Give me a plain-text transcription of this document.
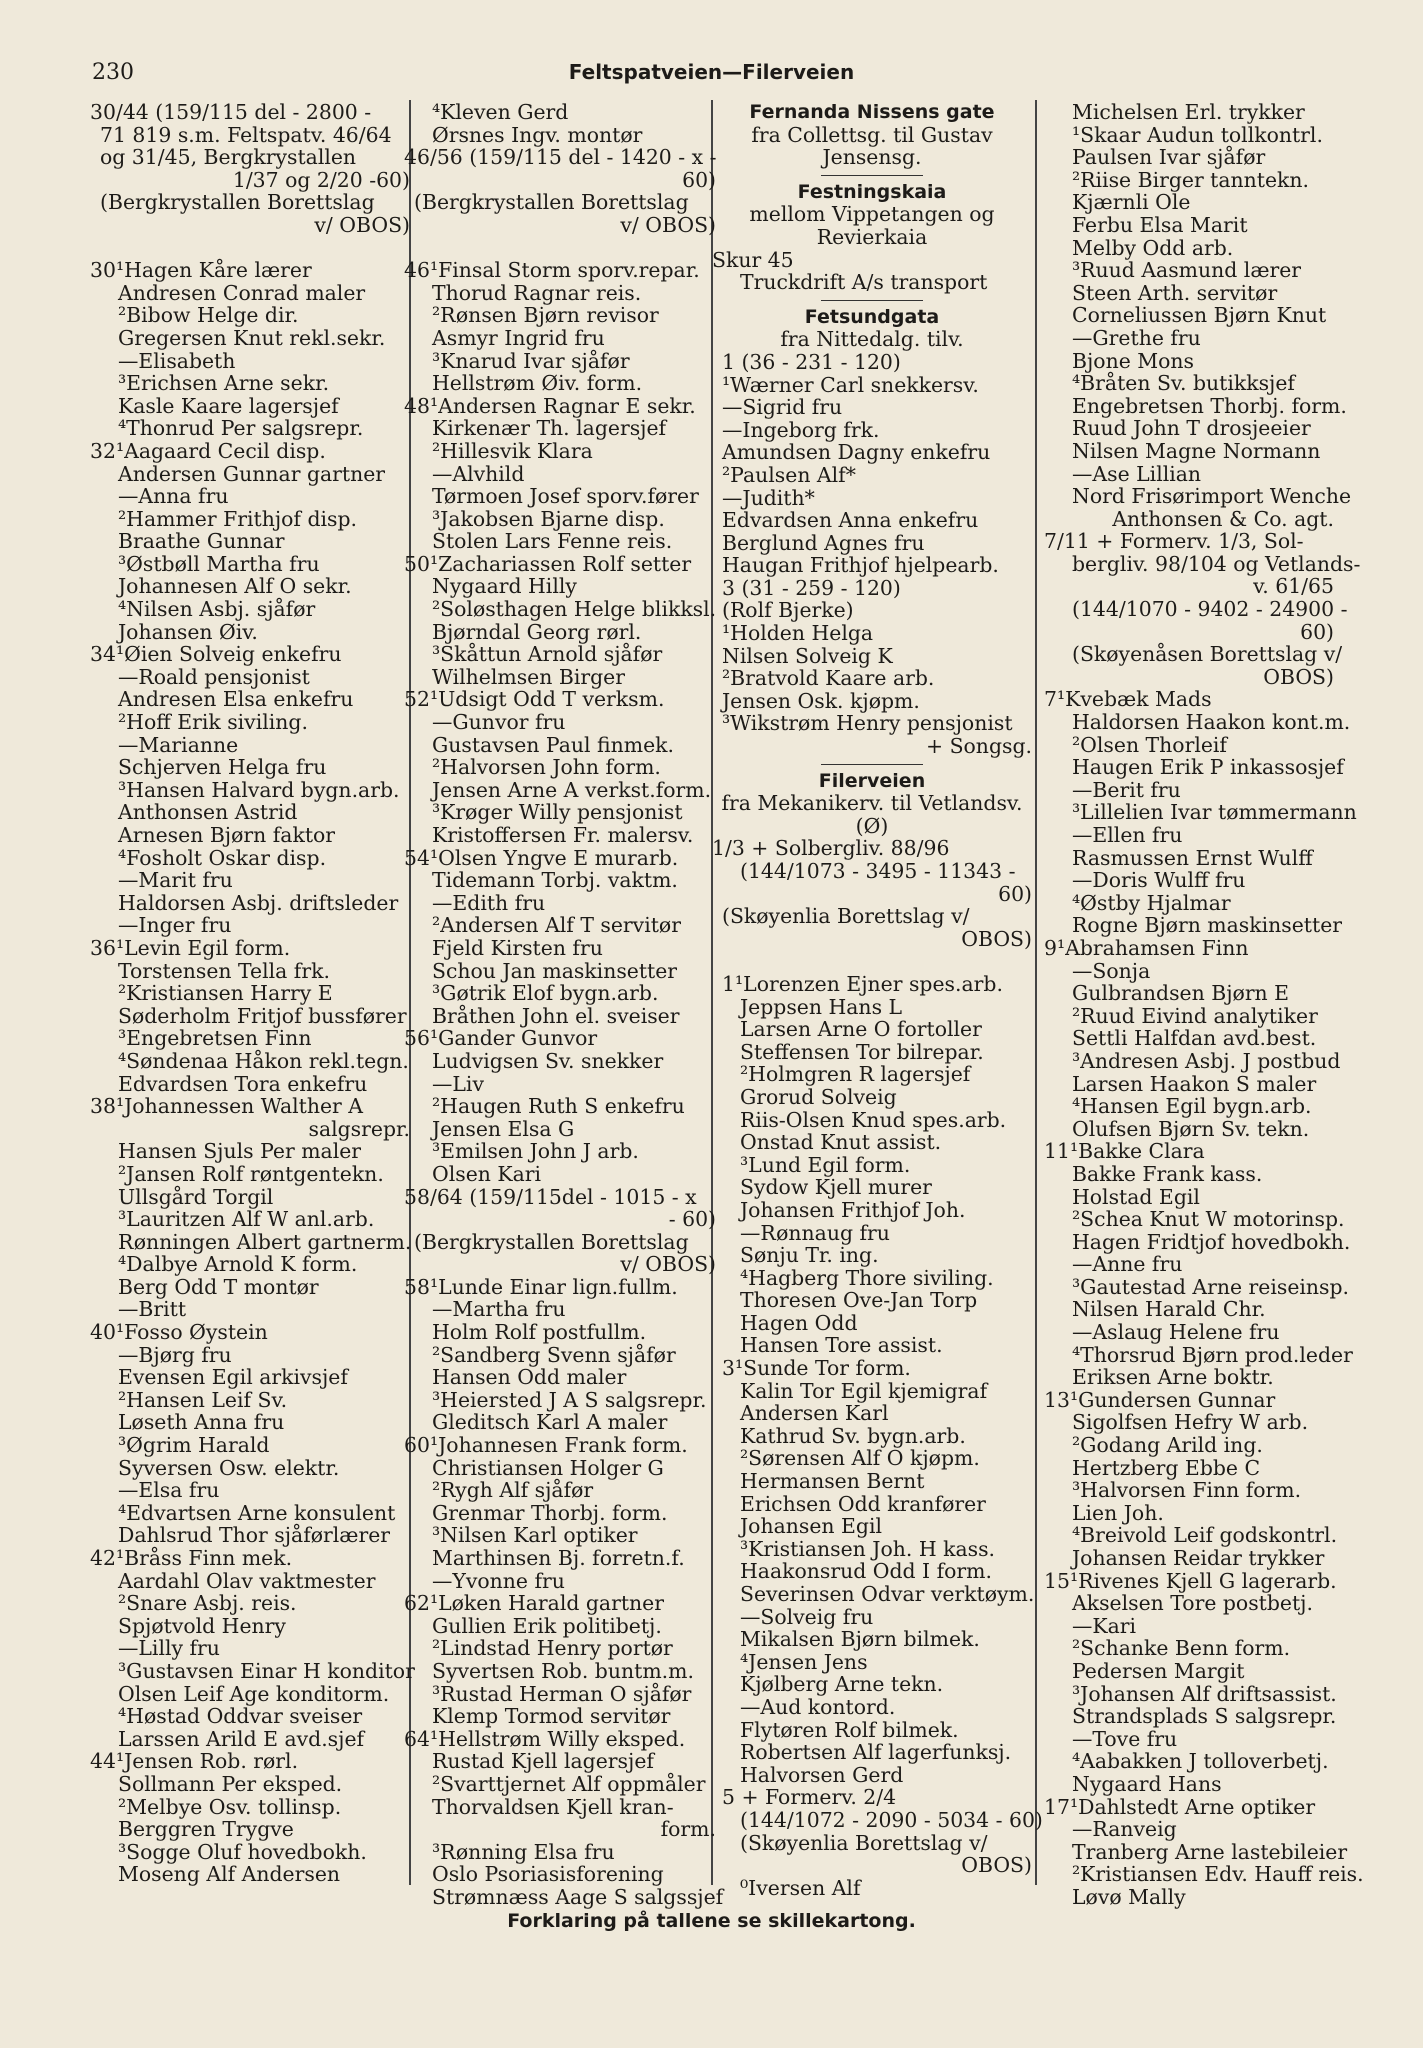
230	Feltspatveien—Filerveien
30/44 (159/115 del - 2800 -
71 819 s.m. Feltspatv. 46/64
og 31/45, Bergkrystallen
1/37 og 2/20 -60)
(Bergkrystallen Borettslag
v/ OBOS)
30¹Hagen Kåre lærer
Andresen Conrad maler
²Bibow Helge dir.
Gregersen Knut rekl.sekr.
—Elisabeth
³Erichsen Arne sekr.
Kasle Kaare lagersjef
⁴Thonrud Per salgsrepr.
32¹Aagaard Cecil disp.
Andersen Gunnar gartner
—Anna fru
²Hammer Frithjof disp.
Braathe Gunnar
³Østbøll Martha fru
Johannesen Alf O sekr.
⁴Nilsen Asbj. sjåfør
Johansen Øiv.
34¹Øien Solveig enkefru
—Roald pensjonist
Andresen Elsa enkefru
²Hoff Erik siviling.
—Marianne
Schjerven Helga fru
³Hansen Halvard bygn.arb.
Anthonsen Astrid
Arnesen Bjørn faktor
⁴Fosholt Oskar disp.
—Marit fru
Haldorsen Asbj. driftsleder
—Inger fru
36¹Levin Egil form.
Torstensen Tella frk.
²Kristiansen Harry E
Søderholm Fritjof bussfører
³Engebretsen Finn
⁴Søndenaa Håkon rekl.tegn.
Edvardsen Tora enkefru
38¹Johannessen Walther A
salgsrepr.
Hansen Sjuls Per maler
²Jansen Rolf røntgentekn.
Ullsgård Torgil
³Lauritzen Alf W anl.arb.
Rønningen Albert gartnerm.
⁴Dalbye Arnold K form.
Berg Odd T montør
—Britt
40¹Fosso Øystein
—Bjørg fru
Evensen Egil arkivsjef
²Hansen Leif Sv.
Løseth Anna fru
³Øgrim Harald
Syversen Osw. elektr.
—Elsa fru
⁴Edvartsen Arne konsulent
Dahlsrud Thor sjåførlærer
42¹Bråss Finn mek.
Aardahl Olav vaktmester
²Snare Asbj. reis.
Spjøtvold Henry
—Lilly fru
³Gustavsen Einar H konditor
Olsen Leif Age konditorm.
⁴Høstad Oddvar sveiser
Larssen Arild E avd.sjef
44¹Jensen Rob. rørl.
Sollmann Per eksped.
²Melbye Osv. tollinsp.
Berggren Trygve
³Sogge Oluf hovedbokh.
Moseng Alf Andersen
⁴Kleven Gerd
Ørsnes Ingv. montør
46/56 (159/115 del - 1420 - x -
60)
(Bergkrystallen Borettslag
v/ OBOS)
46¹Finsal Storm sporv.repar.
Thorud Ragnar reis.
²Rønsen Bjørn revisor
Asmyr Ingrid fru
³Knarud Ivar sjåfør
Hellstrøm Øiv. form.
48¹Andersen Ragnar E sekr.
Kirkenær Th. lagersjef
²Hillesvik Klara
—Alvhild
Tørmoen Josef sporv.fører
³Jakobsen Bjarne disp.
Stolen Lars Fenne reis.
50¹Zachariassen Rolf setter
Nygaard Hilly
²Soløsthagen Helge blikksl.
Bjørndal Georg rørl.
³Skåttun Arnold sjåfør
Wilhelmsen Birger
52¹Udsigt Odd T verksm.
—Gunvor fru
Gustavsen Paul finmek.
²Halvorsen John form.
Jensen Arne A verkst.form.
³Krøger Willy pensjonist
Kristoffersen Fr. malersv.
54¹Olsen Yngve E murarb.
Tidemann Torbj. vaktm.
—Edith fru
²Andersen Alf T servitør
Fjeld Kirsten fru
Schou Jan maskinsetter
³Gøtrik Elof bygn.arb.
Bråthen John el. sveiser
56¹Gander Gunvor
Ludvigsen Sv. snekker
—Liv
²Haugen Ruth S enkefru
Jensen Elsa G
³Emilsen John J arb.
Olsen Kari
58/64 (159/115del - 1015 - x
- 60)
(Bergkrystallen Borettslag
v/ OBOS)
58¹Lunde Einar lign.fullm.
—Martha fru
Holm Rolf postfullm.
²Sandberg Svenn sjåfør
Hansen Odd maler
³Heiersted J A S salgsrepr.
Gleditsch Karl A maler
60¹Johannesen Frank form.
Christiansen Holger G
²Rygh Alf sjåfør
Grenmar Thorbj. form.
³Nilsen Karl optiker
Marthinsen Bj. forretn.f.
—Yvonne fru
62¹Løken Harald gartner
Gullien Erik politibetj.
²Lindstad Henry portør
Syvertsen Rob. buntm.m.
³Rustad Herman O sjåfør
Klemp Tormod servitør
64¹Hellstrøm Willy eksped.
Rustad Kjell lagersjef
²Svarttjernet Alf oppmåler
Thorvaldsen Kjell kran-
form.
³Rønning Elsa fru
Oslo Psoriasisforening
Strømnæss Aage S salgssjef
Fernanda Nissens gate
fra Collettsg. til Gustav
Jensensg.
Festningskaia
mellom Vippetangen og
Revierkaia
Skur 45
Truckdrift A/s transport
Fetsundgata
fra Nittedalg. tilv.
1 (36 - 231 - 120)
¹Wærner Carl snekkersv.
—Sigrid fru
—Ingeborg frk.
Amundsen Dagny enkefru
²Paulsen Alf*
—Judith*
Edvardsen Anna enkefru
Berglund Agnes fru
Haugan Frithjof hjelpearb.
3 (31 - 259 - 120)
(Rolf Bjerke)
¹Holden Helga
Nilsen Solveig K
²Bratvold Kaare arb.
Jensen Osk. kjøpm.
³Wikstrøm Henry pensjonist
+ Songsg.
Filerveien
fra Mekanikerv. til Vetlandsv.
(Ø)
1/3 + Solbergliv. 88/96
(144/1073 - 3495 - 11343 -
60)
(Skøyenlia Borettslag v/
OBOS)
1¹Lorenzen Ejner spes.arb.
Jeppsen Hans L
Larsen Arne O fortoller
Steffensen Tor bilrepar.
²Holmgren R lagersjef
Grorud Solveig
Riis-Olsen Knud spes.arb.
Onstad Knut assist.
³Lund Egil form.
Sydow Kjell murer
Johansen Frithjof Joh.
—Rønnaug fru
Sønju Tr. ing.
⁴Hagberg Thore siviling.
Thoresen Ove-Jan Torp
Hagen Odd
Hansen Tore assist.
3¹Sunde Tor form.
Kalin Tor Egil kjemigraf
Andersen Karl
Kathrud Sv. bygn.arb.
²Sørensen Alf O kjøpm.
Hermansen Bernt
Erichsen Odd kranfører
Johansen Egil
³Kristiansen Joh. H kass.
Haakonsrud Odd I form.
Severinsen Odvar verktøym.
—Solveig fru
Mikalsen Bjørn bilmek.
⁴Jensen Jens
Kjølberg Arne tekn.
—Aud kontord.
Flytøren Rolf bilmek.
Robertsen Alf lagerfunksj.
Halvorsen Gerd
5 + Formerv. 2/4
(144/1072 - 2090 - 5034 - 60)
(Skøyenlia Borettslag v/
OBOS)
⁰Iversen Alf
Michelsen Erl. trykker
¹Skaar Audun tollkontrl.
Paulsen Ivar sjåfør
²Riise Birger tanntekn.
Kjærnli Ole
Ferbu Elsa Marit
Melby Odd arb.
³Ruud Aasmund lærer
Steen Arth. servitør
Corneliussen Bjørn Knut
—Grethe fru
Bjone Mons
⁴Bråten Sv. butikksjef
Engebretsen Thorbj. form.
Ruud John T drosjeeier
Nilsen Magne Normann
—Ase Lillian
Nord Frisørimport Wenche
Anthonsen & Co. agt.
7/11 + Formerv. 1/3, Sol-
bergliv. 98/104 og Vetlands-
v. 61/65
(144/1070 - 9402 - 24900 -
60)
(Skøyenåsen Borettslag v/
OBOS)
7¹Kvebæk Mads
Haldorsen Haakon kont.m.
²Olsen Thorleif
Haugen Erik P inkassosjef
—Berit fru
³Lillelien Ivar tømmermann
—Ellen fru
Rasmussen Ernst Wulff
—Doris Wulff fru
⁴Østby Hjalmar
Rogne Bjørn maskinsetter
9¹Abrahamsen Finn
—Sonja
Gulbrandsen Bjørn E
²Ruud Eivind analytiker
Settli Halfdan avd.best.
³Andresen Asbj. J postbud
Larsen Haakon S maler
⁴Hansen Egil bygn.arb.
Olufsen Bjørn Sv. tekn.
11¹Bakke Clara
Bakke Frank kass.
Holstad Egil
²Schea Knut W motorinsp.
Hagen Fridtjof hovedbokh.
—Anne fru
³Gautestad Arne reiseinsp.
Nilsen Harald Chr.
—Aslaug Helene fru
⁴Thorsrud Bjørn prod.leder
Eriksen Arne boktr.
13¹Gundersen Gunnar
Sigolfsen Hefry W arb.
²Godang Arild ing.
Hertzberg Ebbe C
³Halvorsen Finn form.
Lien Joh.
⁴Breivold Leif godskontrl.
Johansen Reidar trykker
15¹Rivenes Kjell G lagerarb.
Akselsen Tore postbetj.
—Kari
²Schanke Benn form.
Pedersen Margit
³Johansen Alf driftsassist.
Strandsplads S salgsrepr.
—Tove fru
⁴Aabakken J tolloverbetj.
Nygaard Hans
17¹Dahlstedt Arne optiker
—Ranveig
Tranberg Arne lastebileier
²Kristiansen Edv. Hauff reis.
Løvø Mally
Forklaring på tallene se skillekartong.
